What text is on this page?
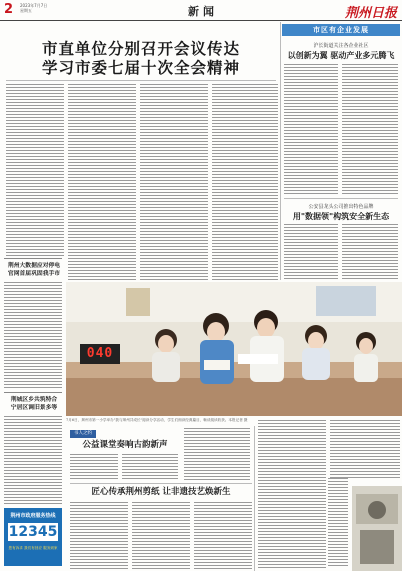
2 2023年7月7日
星期五	新闻	荆州日报
市直单位分别召开会议传达
学习市委七届十次全会精神
市区有企业发展
沪长街道关注各企业社区
以创新为翼 驱动产业多元腾飞
公安县龙头公司推出特色品牌
用"数据领"构筑安全新生态
荆州大数据应对停电
官网首届巩固我手市
荆城区乡共筑特合
宁居区调旧景多等
040
7月6日，荆州市第一小学举办"我与荆州共成长"阅读分享活动，学生们朗读经典篇目，畅谈阅读收获。本报记者 摄
书人之约
公益课堂奏响古韵新声
匠心传承荆州剪纸 让非遗技艺焕新生
荆州市政府服务热线
12345
您有诉求 我们有回应 服务到家
